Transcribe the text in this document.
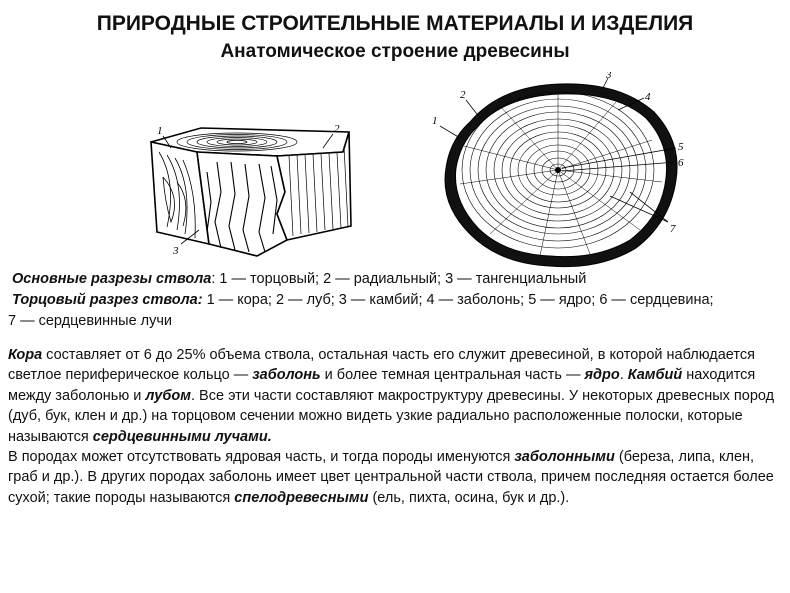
ПРИРОДНЫЕ СТРОИТЕЛЬНЫЕ МАТЕРИАЛЫ И ИЗДЕЛИЯ
Анатомическое строение древесины
1	2
3
1
2
3
4
5
6
7
Основные разрезы ствола: 1 — торцовый; 2 — радиальный; 3 — тангенциальный
Торцовый разрез ствола: 1 — кора; 2 — луб; 3 — камбий; 4 — заболонь; 5 — ядро; 6 — сердцевина;
7 — сердцевинные лучи
Кора составляет от 6 до 25% объема ствола, остальная часть его служит древесиной, в которой наблюдается светлое периферическое кольцо — заболонь и более темная центральная часть — ядро. Камбий находится между заболонью и лубом. Все эти части составляют макроструктуру древесины. У некоторых древесных пород (дуб, бук, клен и др.) на торцовом сечении можно видеть узкие радиально расположенные полоски, которые называются сердцевинными лучами.
В породах может отсутствовать ядровая часть, и тогда породы именуются заболонными (береза, липа, клен, граб и др.). В других породах заболонь имеет цвет центральной части ствола, причем последняя остается более сухой; такие породы называются спелодревесными (ель, пихта, осина, бук и др.).
